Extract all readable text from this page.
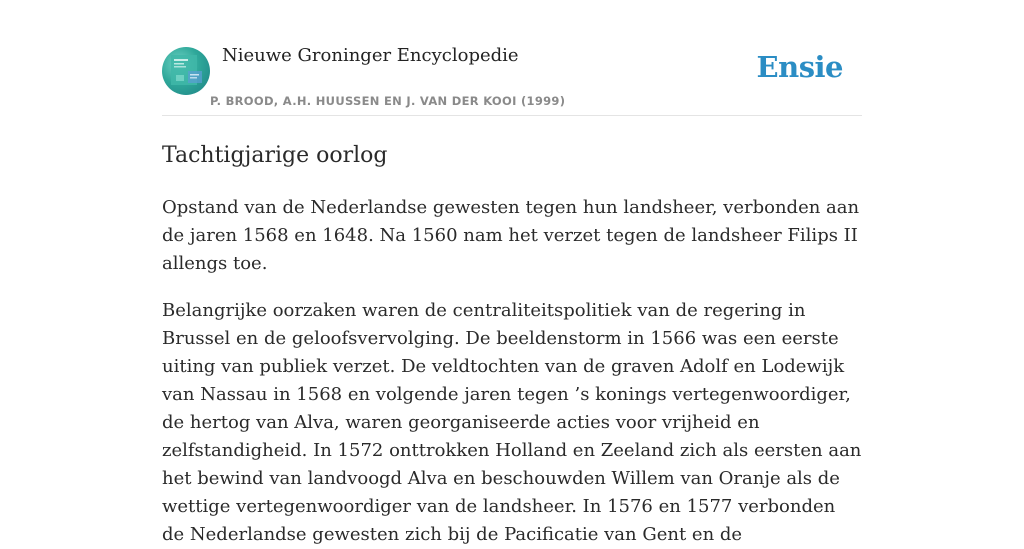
Nieuwe Groninger Encyclopedie
P. BROOD, A.H. HUUSSEN EN J. VAN DER KOOI (1999)
Ensie
Tachtigjarige oorlog

Opstand van de Nederlandse gewesten tegen hun landsheer, verbonden aan de jaren 1568 en 1648. Na 1560 nam het verzet tegen de landsheer Filips II allengs toe.

Belangrijke oorzaken waren de centraliteitspolitiek van de regering in Brussel en de geloofsvervolging. De beeldenstorm in 1566 was een eerste uiting van publiek verzet. De veldtochten van de graven Adolf en Lodewijk van Nassau in 1568 en volgende jaren tegen ’s konings vertegenwoordiger, de hertog van Alva, waren georganiseerde acties voor vrijheid en zelfstandigheid. In 1572 onttrokken Holland en Zeeland zich als eersten aan het bewind van landvoogd Alva en beschouwden Willem van Oranje als de wettige vertegenwoordiger van de landsheer. In 1576 en 1577 verbonden de Nederlandse gewesten zich bij de Pacificatie van Gent en de
